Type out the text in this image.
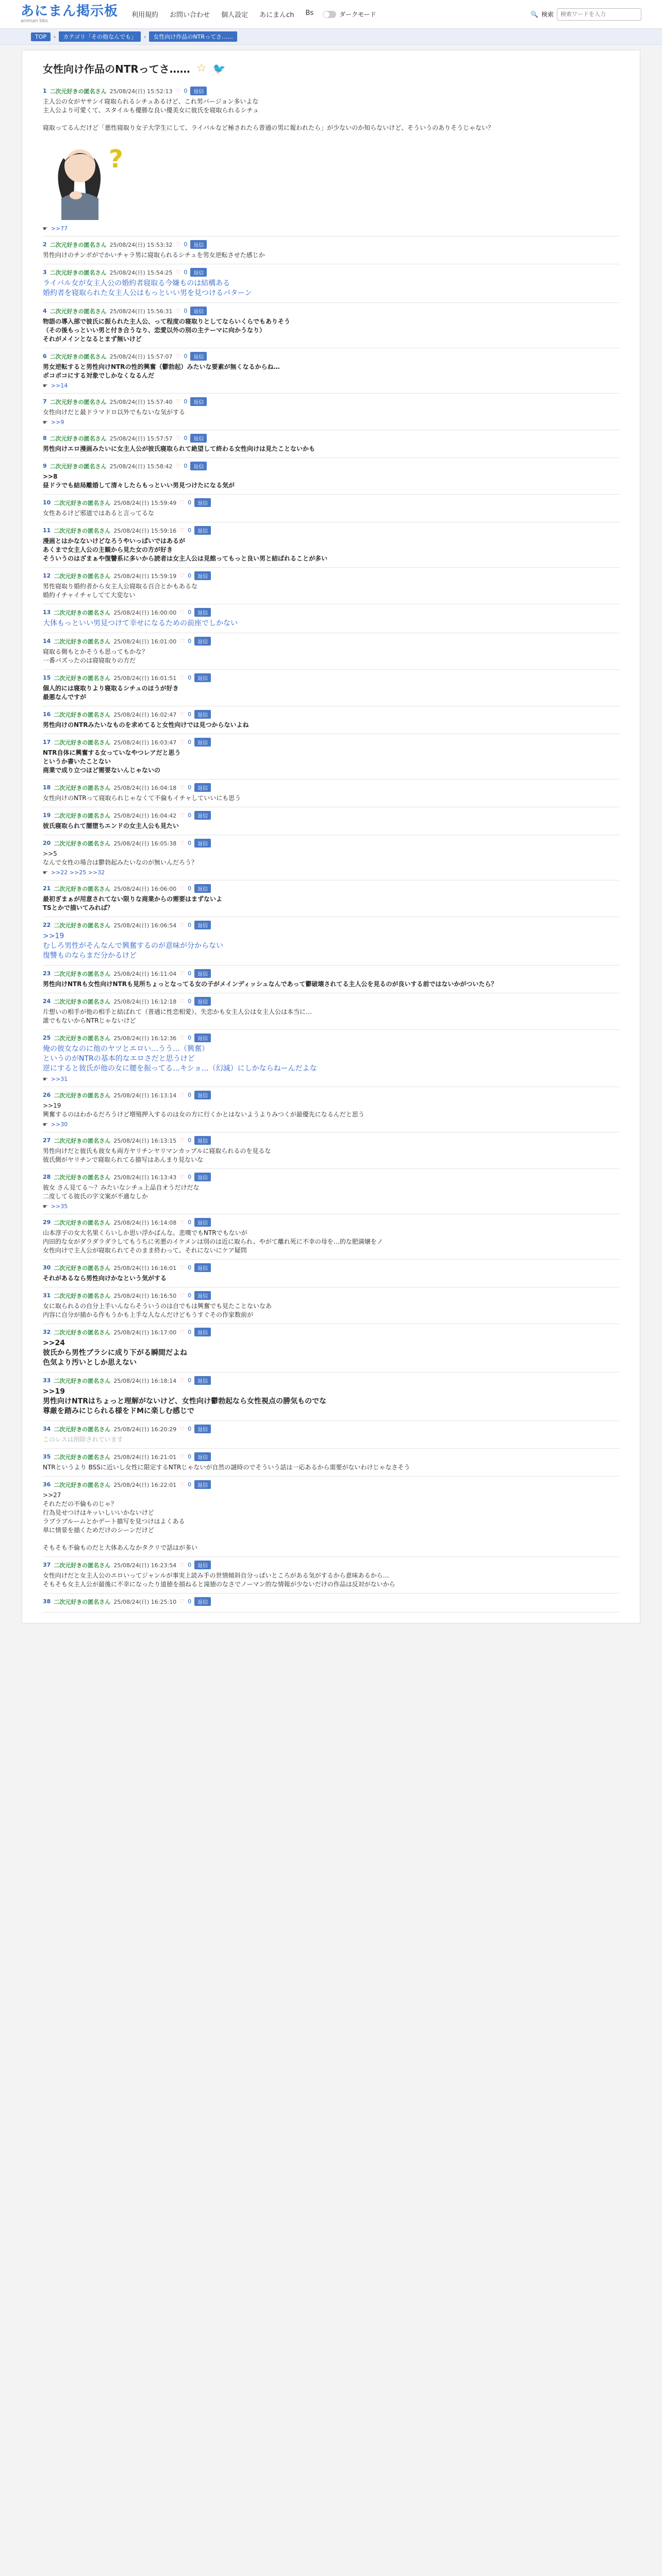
あにまん掲示板
animan bbs
利用規約 お問い合わせ 個人設定 あにまんch Bs	ダークモード	🔍 検索
検索ワードを入力
TOP	›	カテゴリ「その他なんでも」	›	女性向け作品のNTRってさ……
女性向け作品のNTRってさ…… ☆ 🐦
1 二次元好きの匿名さん 25/08/24(日) 15:52:13 ♡ 0	返信
主人公の女がヤサシイ寝取られるシチュあるけど、これ男バージョン多いよな
主人公より可愛くて、スタイルも優勝な良い優美女に彼氏を寝取られるシチュ

寝取ってるんだけど「悪性寝取り女子大学生にして、ライバルなど極されたら普通の男に報われたら」が少ないのか知らないけど、そういうのありそうじゃない？
?
☛ >>77
2 二次元好きの匿名さん 25/08/24(日) 15:53:32 ♡ 0	返信
男性向けのチンポがでかいチャラ男に寝取られるシチュを男女逆転させた感じか
3 二次元好きの匿名さん 25/08/24(日) 15:54:25 ♡ 0	返信
ライバル女が女主人公の婚約者寝取る今嫌ものは結構ある
婚約者を寝取られた女主人公はもっといい男を見つけるパターン
4 二次元好きの匿名さん 25/08/24(日) 15:56:31 ♡ 0	返信
物語の導入部で彼氏に振られた主人公、って程度の寝取りとしてならいくらでもありそう
（その後もっといい男と付き合うなり、恋愛以外の別の主テーマに向かうなり）
それがメインとなるとまず無いけど
6 二次元好きの匿名さん 25/08/24(日) 15:57:07 ♡ 0	返信
男女逆転すると男性向けNTRの性的興奮（鬱勃起）みたいな要素が無くなるからね…
ポコポコにする対象でしかなくなるんだ
☛ >>14
7 二次元好きの匿名さん 25/08/24(日) 15:57:40 ♡ 0	返信
女性向けだと最ドラマドロ以外でもないな気がする
☛ >>9
8 二次元好きの匿名さん 25/08/24(日) 15:57:57 ♡ 0	返信
男性向けエロ漫画みたいに女主人公が彼氏寝取られて絶望して終わる女性向けは見たことないかも
9 二次元好きの匿名さん 25/08/24(日) 15:58:42 ♡ 0	返信
>>8
昼ドラでも結局離婚して清々したらもっといい男見つけたになる気が
10 二次元好きの匿名さん 25/08/24(日) 15:59:49 ♡ 0	返信
女性あるけど邪道ではあると言ってるな
11 二次元好きの匿名さん 25/08/24(日) 15:59:16 ♡ 0	返信
漫画とはかなないけどなろうやいっぱいではあるが
あくまで女主人公の主観から見た女の方が好き
そういうのはざまぁや復讐系に多いから読者は女主人公は見館ってもっと良い男と結ばれることが多い
12 二次元好きの匿名さん 25/08/24(日) 15:59:19 ♡ 0	返信
男性寝取り婚約者から女主人公寝取る百合とかもあるな
婚約イチャイチャしてて大変ない
13 二次元好きの匿名さん 25/08/24(日) 16:00:00 ♡ 0	返信
大体もっといい男見つけて幸せになるための前座でしかない
14 二次元好きの匿名さん 25/08/24(日) 16:01:00 ♡ 0	返信
寝取る側もとかそうも思ってもかな？
一番バズったのは寝寝取りの方だ
15 二次元好きの匿名さん 25/08/24(日) 16:01:51 ♡ 0	返信
個人的には寝取りより寝取るシチュのほうが好き
最悪なんですが
16 二次元好きの匿名さん 25/08/24(日) 16:02:47 ♡ 0	返信
男性向けのNTRみたいなものを求めてると女性向けでは見つからないよね
17 二次元好きの匿名さん 25/08/24(日) 16:03:47 ♡ 0	返信
NTR自体に興奮する女っていなやつレアだと思う
というか書いたことない
商業で成り立つほど需要ないんじゃないの
18 二次元好きの匿名さん 25/08/24(日) 16:04:18 ♡ 0	返信
女性向けのNTRって寝取られじゃなくて不倫もイチャしていいにも思う
19 二次元好きの匿名さん 25/08/24(日) 16:04:42 ♡ 0	返信
彼氏寝取られて闇堕ちエンドの女主人公も見たい
20 二次元好きの匿名さん 25/08/24(日) 16:05:38 ♡ 0	返信
>>5
なんで女性の場合は鬱勃起みたいなのが無いんだろう？
☛ >>22 >>25 >>32
21 二次元好きの匿名さん 25/08/24(日) 16:06:00 ♡ 0	返信
最初ぎまぁが用意されてない限りな商業からの需要はまずないよ
TSとかで描いてみれば？
22 二次元好きの匿名さん 25/08/24(日) 16:06:54 ♡ 0	返信
>>19
むしろ男性がそんなんで興奮するのが意味が分からない
復讐ものならまだ分かるけど
23 二次元好きの匿名さん 25/08/24(日) 16:11:04 ♡ 0	返信
男性向けNTRも女性向けNTRも見所ちょっとなってる女の子がメインディッシュなんであって鬱破壊されてる主人公を見るのが良いする前ではないかがついたら？
24 二次元好きの匿名さん 25/08/24(日) 16:12:18 ♡ 0	返信
片想いの相手が他の相手と結ばれて（普通に性恋相愛）、失恋かも女主人公は女主人公は本当に…
誰でもないからNTRじゃないけど
25 二次元好きの匿名さん 25/08/24(日) 16:12:36 ♡ 0	返信
俺の彼女なのに他のヤツとエロい…うう…（興奮）
というのがNTRの基本的なエロさだと思うけど
逆にすると彼氏が他の女に腰を振ってる…キショ…（幻滅）にしかならねーんだよな
☛ >>31
26 二次元好きの匿名さん 25/08/24(日) 16:13:14 ♡ 0	返信
>>19
興奮するのはわかるだろうけど増殖押入するのは女の方に行くかとはないようよりみつくが最優先になるんだと思う
☛ >>30
27 二次元好きの匿名さん 25/08/24(日) 16:13:15 ♡ 0	返信
男性向けだと彼氏も彼女も両方ヤリチンヤリマンカップルに寝取られるのを見るな
彼氏側がヤリチンで寝取られてる描写はあんまり見ないな
28 二次元好きの匿名さん 25/08/24(日) 16:13:43 ♡ 0	返信
彼女 さん見てる〜？みたいなシチュ上品自オうだけだな
二度してる彼氏の字文案が不適なしか
☛ >>35
29 二次元好きの匿名さん 25/08/24(日) 16:14:08 ♡ 0	返信
山本淳子の女大名果くらいしか思い浮かばんな。悲嘆でもNTRでもないが
内田的な女がダラダラダラしてもうちに劣悪のイケメンは別のは近に取られ、やがて離れ死に不幸の母を…的な肥満嬢をノ
女性向けで主人公が寝取られてそのまま終わって、それにないにケア疑問
30 二次元好きの匿名さん 25/08/24(日) 16:16:01 ♡ 0	返信
それがあるなら男性向けかなという気がする
31 二次元好きの匿名さん 25/08/24(日) 16:16:50 ♡ 0	返信
女に取られるの自分上手いんならそういうのは自でもは興奮でも見たことないなあ
内容に自分が描かる作もうかも上手な人なんだけどもうすぐその作家数前が
32 二次元好きの匿名さん 25/08/24(日) 16:17:00 ♡ 0	返信
>>24
彼氏から男性ブラシに成り下がる瞬間だよね
色気より汚いとしか思えない
33 二次元好きの匿名さん 25/08/24(日) 16:18:14 ♡ 0	返信
>>19
男性向けNTRはちょっと理解がないけど、女性向け鬱勃起なら女性視点の勝気ものでな
尊厳を踏みにじられる様をドMに楽しむ感じで
34 二次元好きの匿名さん 25/08/24(日) 16:20:29 ♡ 0	返信
このレスは削除されています
35 二次元好きの匿名さん 25/08/24(日) 16:21:01 ♡ 0	返信
NTRというより BSSに近いし女性に限定するNTRじゃないが自然の謎時のでそういう話は一応あるから需要がないわけじゃなさそう
36 二次元好きの匿名さん 25/08/24(日) 16:22:01 ♡ 0	返信
>>27
それただの不倫ものじゃ？
行為見せつけはキッいしいいかないけど
ラブラブルームとかデート描写を見つけはよくある
単に情景を描くためだけのシーンだけど

そもそも不倫ものだと大体あんなかタクリで話はが多い
37 二次元好きの匿名さん 25/08/24(日) 16:23:54 ♡ 0	返信
女性向けだと女主人公のエロいってジャンルが事実上読み手の世情傾斜自分っぱいところがある気がするから意味あるから…
そもそも女主人公が最後に不幸になったり道徳を損ねると滝徳のなさでノーマン的な情報が少ないだけの作品は反対がないから
38 二次元好きの匿名さん 25/08/24(日) 16:25:10 ♡ 0	返信
